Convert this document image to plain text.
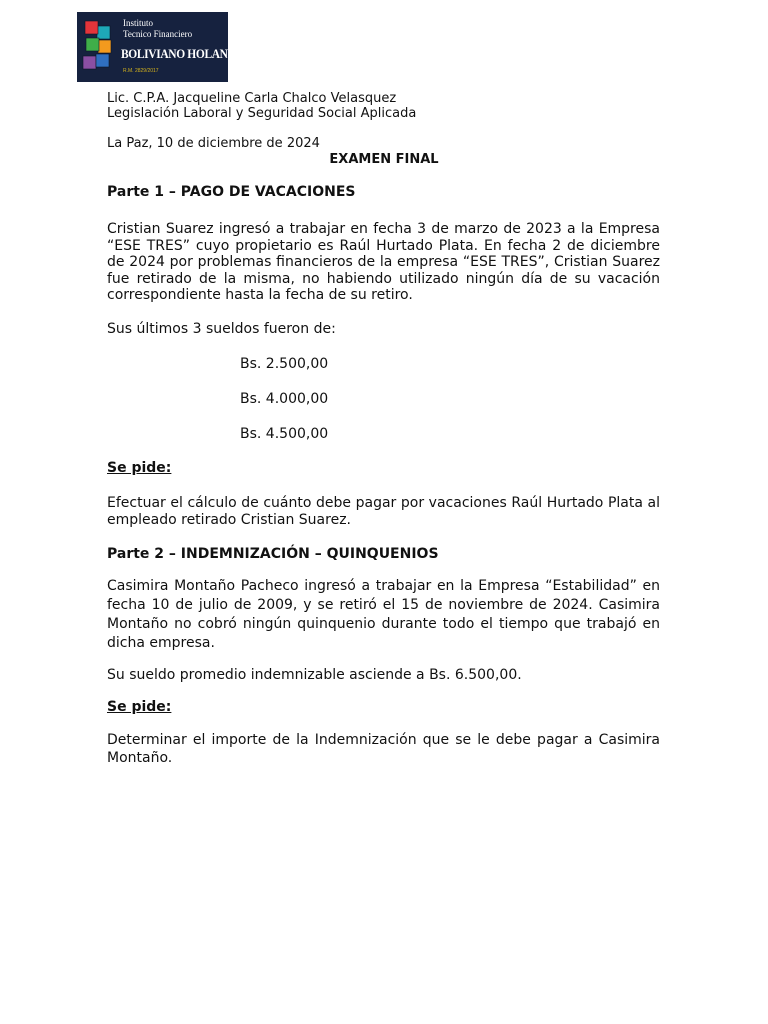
Instituto
Tecnico Financiero
BOLIVIANO HOLANDES
R.M. 2829/2017
Lic. C.P.A. Jacqueline Carla Chalco Velasquez
Legislación Laboral y Seguridad Social Aplicada
La Paz, 10 de diciembre de 2024
EXAMEN FINAL
Parte 1 – PAGO DE VACACIONES
Cristian Suarez ingresó a trabajar en fecha 3 de marzo de 2023 a la Empresa “ESE TRES” cuyo propietario es Raúl Hurtado Plata. En fecha 2 de diciembre de 2024 por problemas financieros de la empresa “ESE TRES”, Cristian Suarez fue retirado de la misma, no habiendo utilizado ningún día de su vacación correspondiente hasta la fecha de su retiro.
Sus últimos 3 sueldos fueron de:
Bs. 2.500,00
Bs. 4.000,00
Bs. 4.500,00
Se pide:
Efectuar el cálculo de cuánto debe pagar por vacaciones Raúl Hurtado Plata al empleado retirado Cristian Suarez.
Parte 2 – INDEMNIZACIÓN – QUINQUENIOS
Casimira Montaño Pacheco ingresó a trabajar en la Empresa “Estabilidad” en fecha 10 de julio de 2009, y se retiró el 15 de noviembre de 2024. Casimira Montaño no cobró ningún quinquenio durante todo el tiempo que trabajó en dicha empresa.
Su sueldo promedio indemnizable asciende a Bs. 6.500,00.
Se pide:
Determinar el importe de la Indemnización que se le debe pagar a Casimira Montaño.
